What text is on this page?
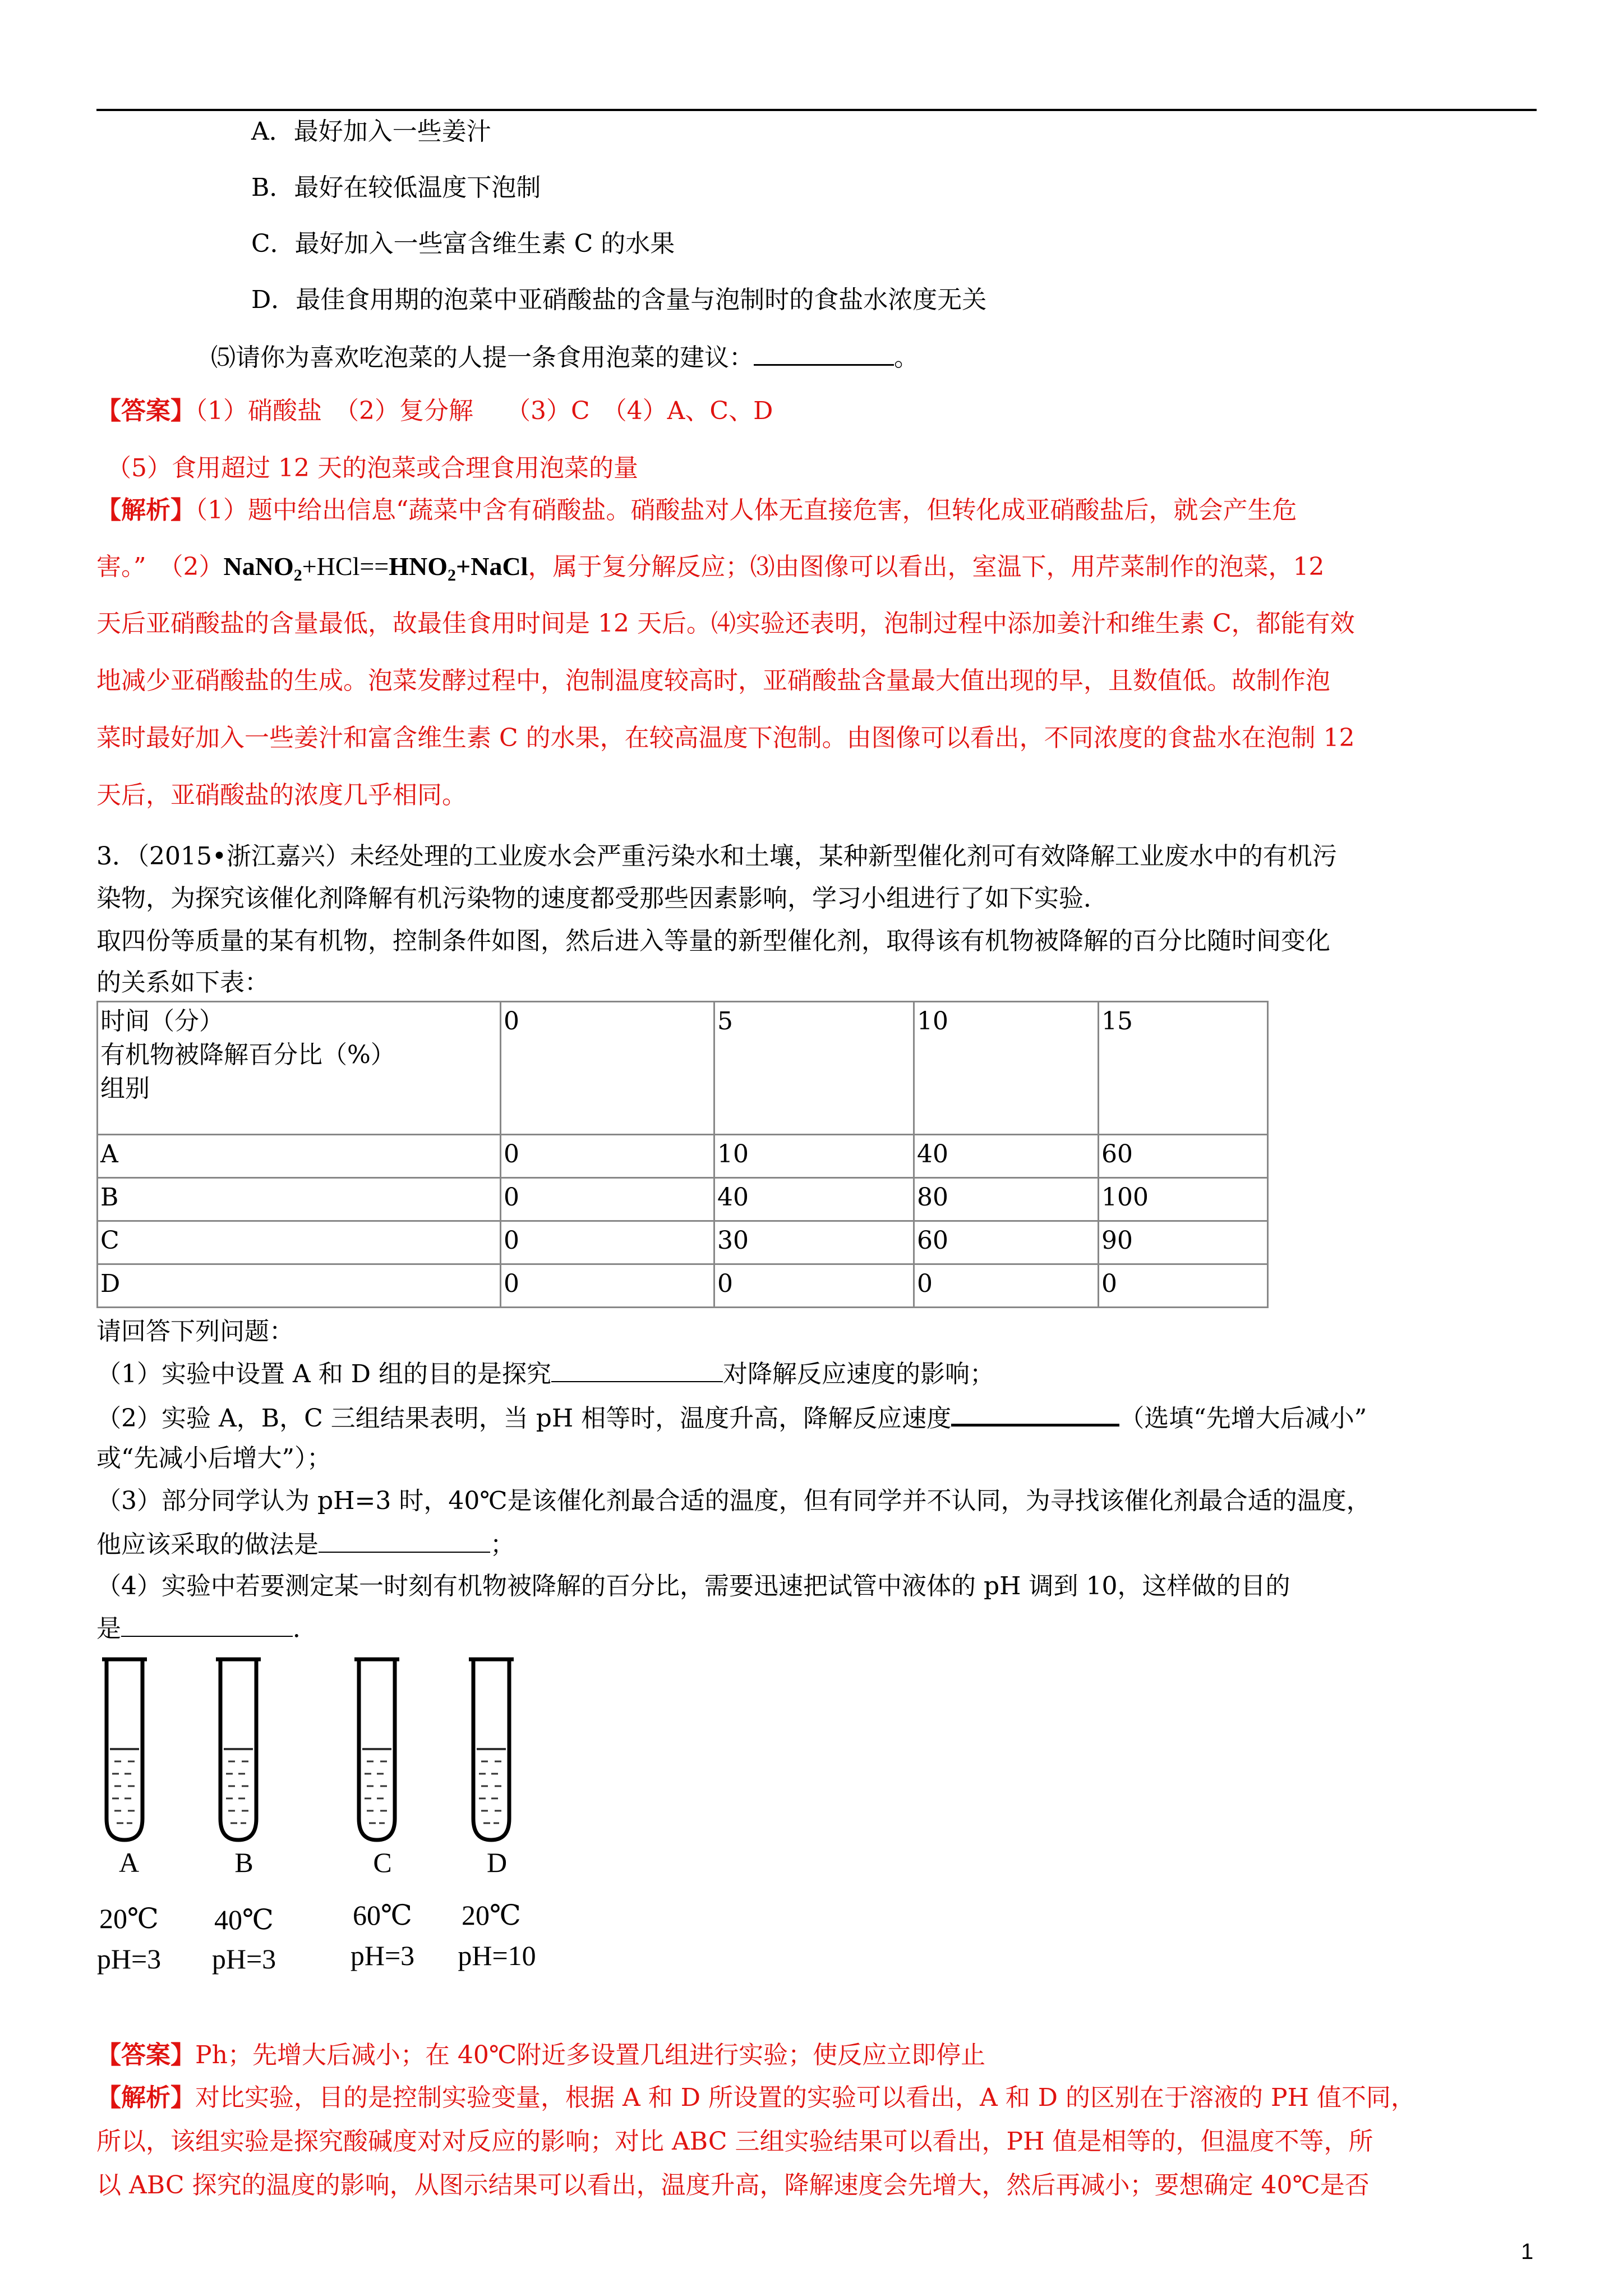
A．最好加入一些姜汁
B．最好在较低温度下泡制
C．最好加入一些富含维生素 C 的水果
D．最佳食用期的泡菜中亚硝酸盐的含量与泡制时的食盐水浓度无关
⑸请你为喜欢吃泡菜的人提一条食用泡菜的建议：	。
【答案】（1）硝酸盐　（2）复分解　 （3）C　（4）A、C、D
（5）食用超过 12 天的泡菜或合理食用泡菜的量
【解析】（1）题中给出信息“蔬菜中含有硝酸盐。硝酸盐对人体无直接危害，但转化成亚硝酸盐后，就会产生危
害。”　$(2)NaNO_2+HCl==HNO_2+NaCl$，属于复分解反应；⑶由图像可以看出，室温下，用芹菜制作的泡菜，12
天后亚硝酸盐的含量最低，故最佳食用时间是 12 天后。⑷实验还表明，泡制过程中添加姜汁和维生素 C，都能有效
地减少亚硝酸盐的生成。泡菜发酵过程中，泡制温度较高时，亚硝酸盐含量最大值出现的早，且数值低。故制作泡
菜时最好加入一些姜汁和富含维生素 C 的水果，在较高温度下泡制。由图像可以看出，不同浓度的食盐水在泡制 12
天后，亚硝酸盐的浓度几乎相同。
3．（2015•浙江嘉兴）未经处理的工业废水会严重污染水和土壤，某种新型催化剂可有效降解工业废水中的有机污
染物，为探究该催化剂降解有机污染物的速度都受那些因素影响，学习小组进行了如下实验．
取四份等质量的某有机物，控制条件如图，然后进入等量的新型催化剂，取得该有机物被降解的百分比随时间变化
的关系如下表：
时间（分）
有机物被降解百分比（%）
组别	0	5	10	15
A	0	10	40	60
B	0	40	80	100
C	0	30	60	90
D	0	0	0	0
请回答下列问题：
（1）实验中设置 A 和 D 组的目的是探究	对降解反应速度的影响；
（2）实验 A，B，C 三组结果表明，当 pH 相等时，温度升高，降解反应速度	（选填“先增大后减小”
或“先减小后增大”）；
（3）部分同学认为 pH=3 时，40℃是该催化剂最合适的温度，但有同学并不认同，为寻找该催化剂最合适的温度，
他应该采取的做法是	；
（4）实验中若要测定某一时刻有机物被降解的百分比，需要迅速把试管中液体的 pH 调到 10，这样做的目的
是	．
A
20℃
pH=3
B
40℃
pH=3
C
60℃
pH=3
D
20℃
pH=10
【答案】Ph；先增大后减小；在 40℃附近多设置几组进行实验；使反应立即停止
【解析】对比实验，目的是控制实验变量，根据 A 和 D 所设置的实验可以看出，A 和 D 的区别在于溶液的 PH 值不同，
所以，该组实验是探究酸碱度对对反应的影响；对比 ABC 三组实验结果可以看出，PH 值是相等的，但温度不等，所
以 ABC 探究的温度的影响，从图示结果可以看出，温度升高，降解速度会先增大，然后再减小；要想确定 40℃是否
1
